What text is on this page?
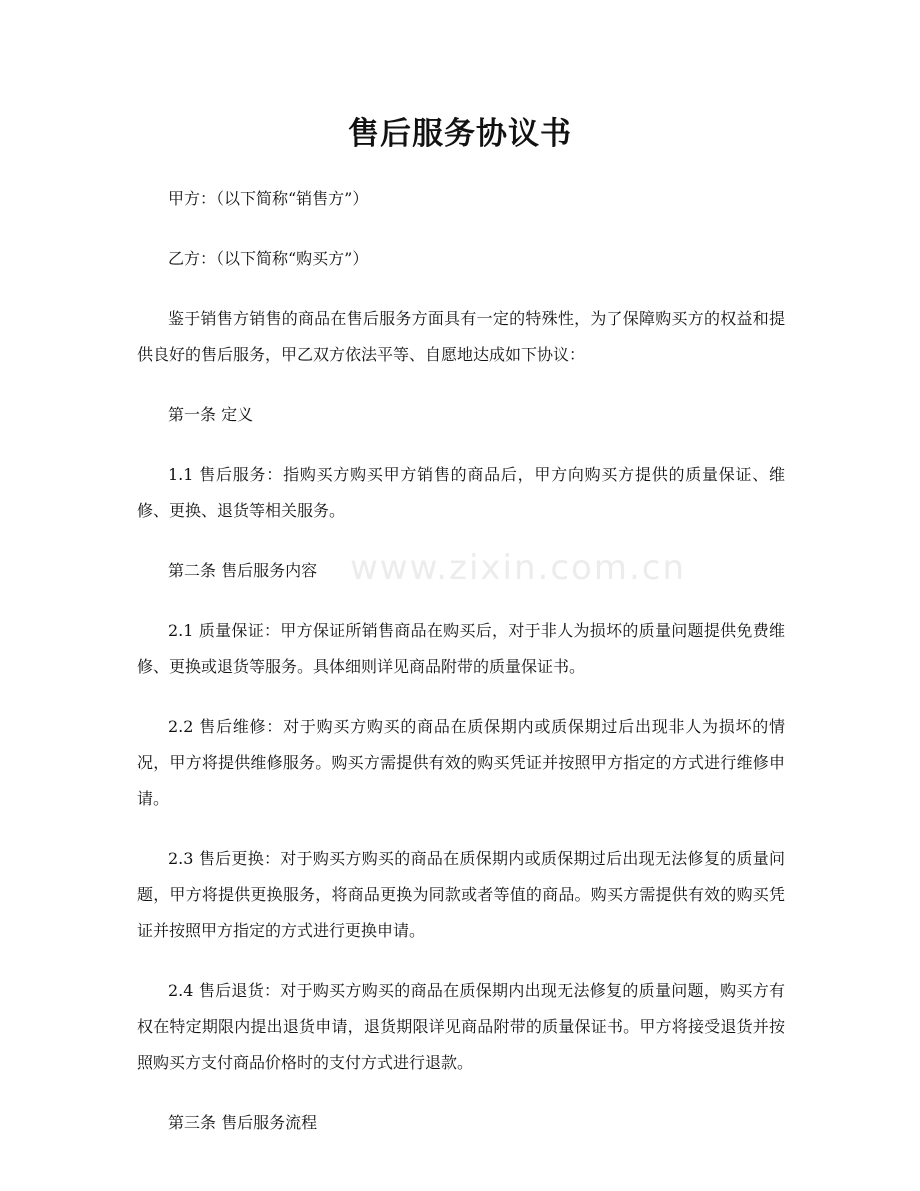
售后服务协议书

甲方：（以下简称“销售方”）

乙方：（以下简称“购买方”）

鉴于销售方销售的商品在售后服务方面具有一定的特殊性，为了保障购买方的权益和提供良好的售后服务，甲乙双方依法平等、自愿地达成如下协议：

第一条 定义

1.1 售后服务：指购买方购买甲方销售的商品后，甲方向购买方提供的质量保证、维修、更换、退货等相关服务。

第二条 售后服务内容

2.1 质量保证：甲方保证所销售商品在购买后，对于非人为损坏的质量问题提供免费维修、更换或退货等服务。具体细则详见商品附带的质量保证书。

2.2 售后维修：对于购买方购买的商品在质保期内或质保期过后出现非人为损坏的情况，甲方将提供维修服务。购买方需提供有效的购买凭证并按照甲方指定的方式进行维修申请。

2.3 售后更换：对于购买方购买的商品在质保期内或质保期过后出现无法修复的质量问题，甲方将提供更换服务，将商品更换为同款或者等值的商品。购买方需提供有效的购买凭证并按照甲方指定的方式进行更换申请。

2.4 售后退货：对于购买方购买的商品在质保期内出现无法修复的质量问题，购买方有权在特定期限内提出退货申请，退货期限详见商品附带的质量保证书。甲方将接受退货并按照购买方支付商品价格时的支付方式进行退款。

第三条 售后服务流程

www.zixin.com.cn
